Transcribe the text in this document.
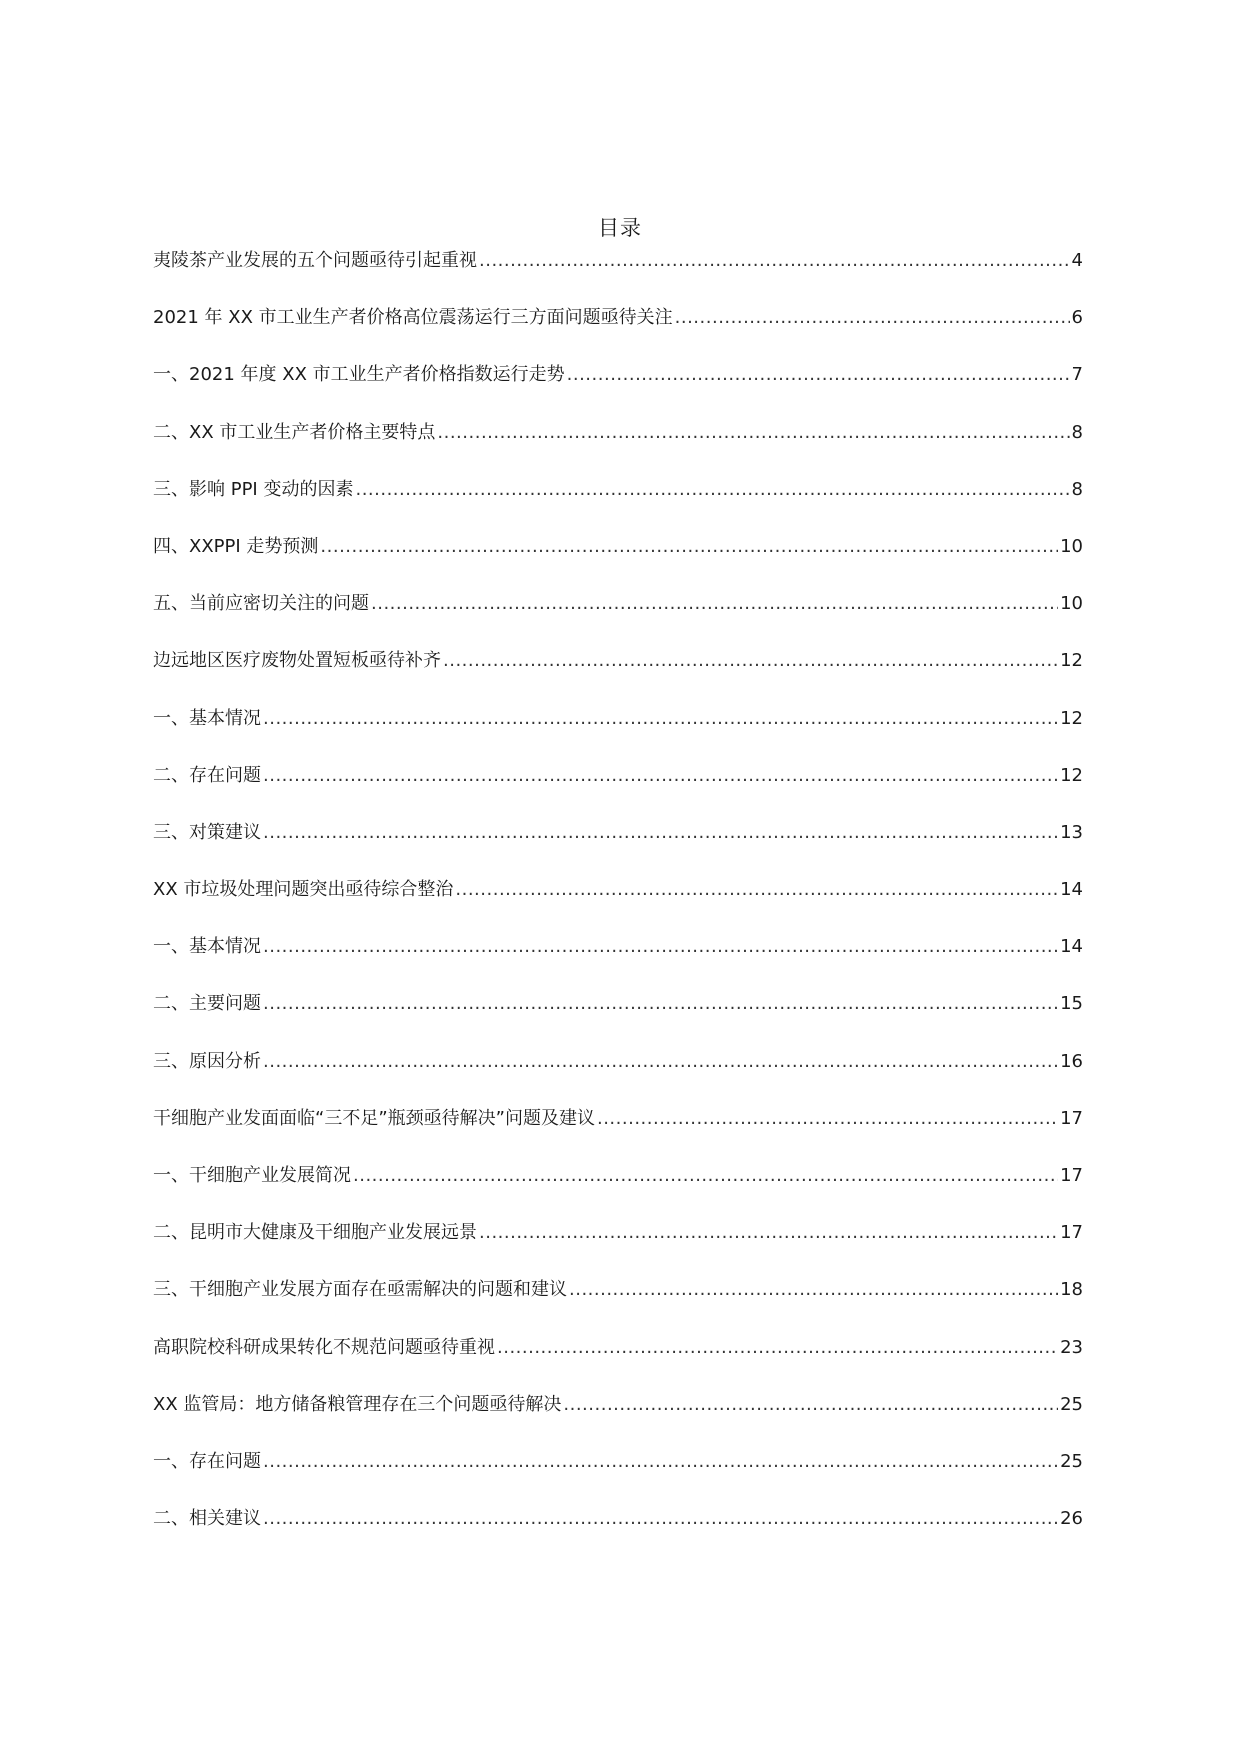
目录
夷陵茶产业发展的五个问题亟待引起重视 .....	4
2021 年 XX 市工业生产者价格高位震荡运行三方面问题亟待关注 .....	6
一、2021 年度 XX 市工业生产者价格指数运行走势 .....	7
二、XX 市工业生产者价格主要特点 .....	8
三、影响 PPI 变动的因素 .....	8
四、XXPPI 走势预测 .....	10
五、当前应密切关注的问题 .....	10
边远地区医疗废物处置短板亟待补齐 .....	12
一、基本情况 .....	12
二、存在问题 .....	12
三、对策建议 .....	13
XX 市垃圾处理问题突出亟待综合整治 .....	14
一、基本情况 .....	14
二、主要问题 .....	15
三、原因分析 .....	16
干细胞产业发面面临“三不足”瓶颈亟待解决”问题及建议 .....	17
一、干细胞产业发展简况 .....	17
二、昆明市大健康及干细胞产业发展远景 .....	17
三、干细胞产业发展方面存在亟需解决的问题和建议 .....	18
高职院校科研成果转化不规范问题亟待重视 .....	23
XX 监管局：地方储备粮管理存在三个问题亟待解决 .....	25
一、存在问题 .....	25
二、相关建议 .....	26
